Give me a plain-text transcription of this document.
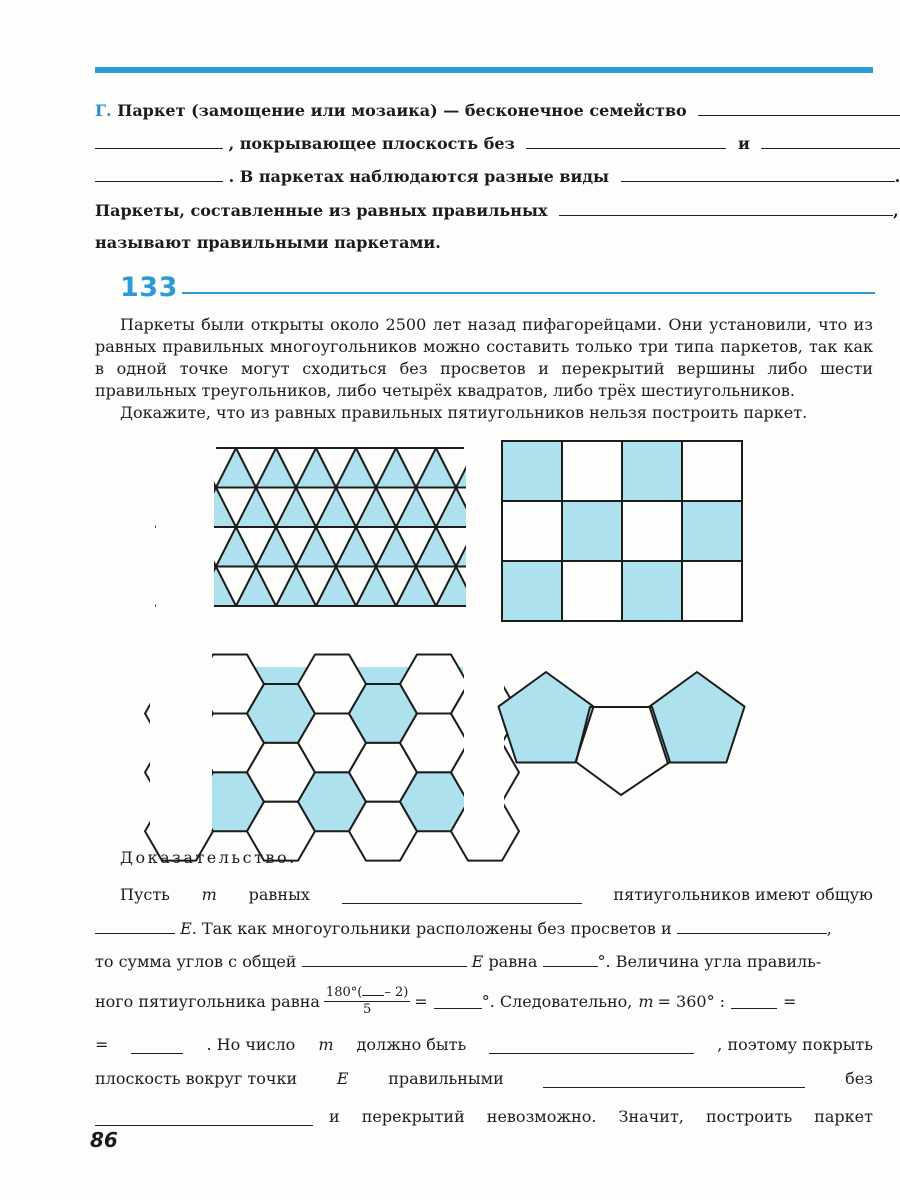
Г. Паркет (замощение или мозаика) — бесконечное семейство
, покрывающее плоскость без	и
. В паркетах наблюдаются разные виды	.
Паркеты, составленные из равных правильных	,
называют правильными паркетами.
133

Паркеты были открыты около 2500 лет назад пифагорейцами. Они установили, что из равных правильных многоугольников можно составить только три типа паркетов, так как в одной точке могут сходиться без просветов и перекрытий вершины либо шести правильных треугольников, либо четырёх квадратов, либо трёх шестиугольников.

Докажите, что из равных правильных пятиугольников нельзя построить паркет.

Доказательство.
Пусть m равных	пятиугольников имеют общую
E. Так как многоугольники расположены без просветов и	,
то сумма углов с общей	E равна	°. Величина угла правиль-
ного пятиугольника равна $\frac{180^\circ( - 2)}{5}$ =	°. Следовательно, m = 360° :	=
=	. Но число m должно быть	, поэтому покрыть
плоскость вокруг точки E правильными	без
и перекрытий невозможно. Значит, построить паркет
86
